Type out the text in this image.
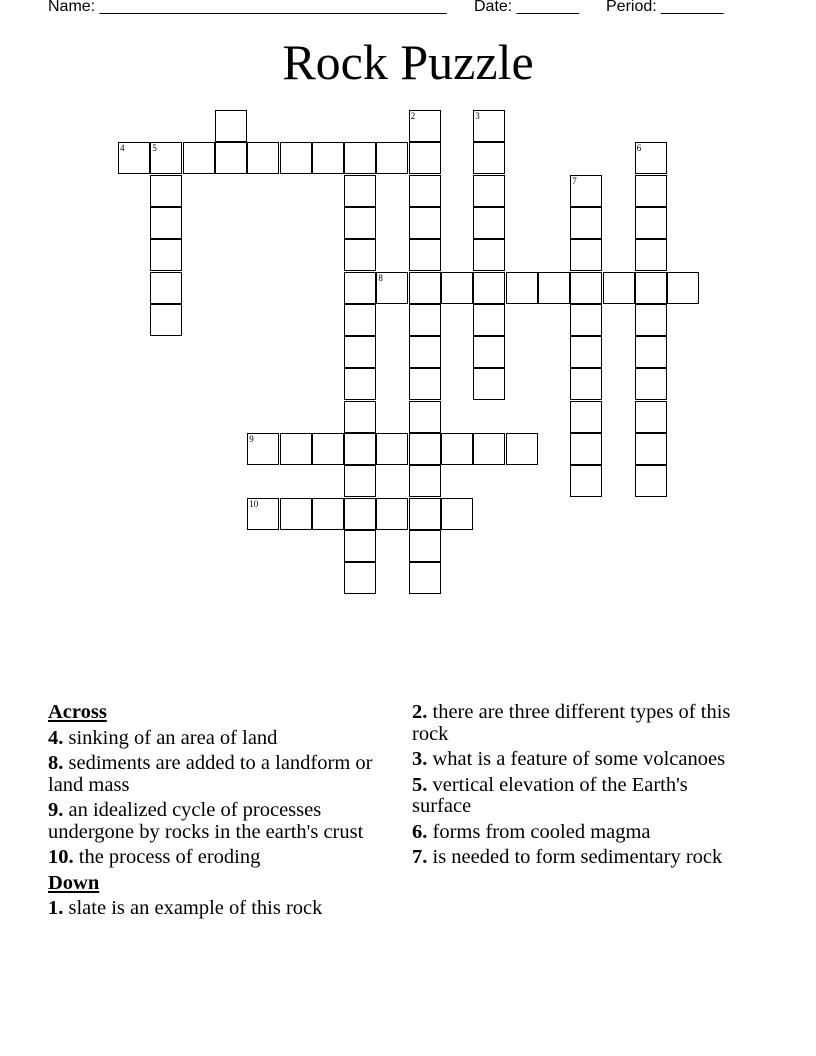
Name: _______________________________________ Date: _______ Period: _______
Rock Puzzle
2	3
4	5	6
7
8
9
10
Across
4. sinking of an area of land
8. sediments are added to a landform or land mass
9. an idealized cycle of processes undergone by rocks in the earth's crust
10. the process of eroding
Down
1. slate is an example of this rock
2. there are three different types of this rock
3. what is a feature of some volcanoes
5. vertical elevation of the Earth's surface
6. forms from cooled magma
7. is needed to form sedimentary rock
